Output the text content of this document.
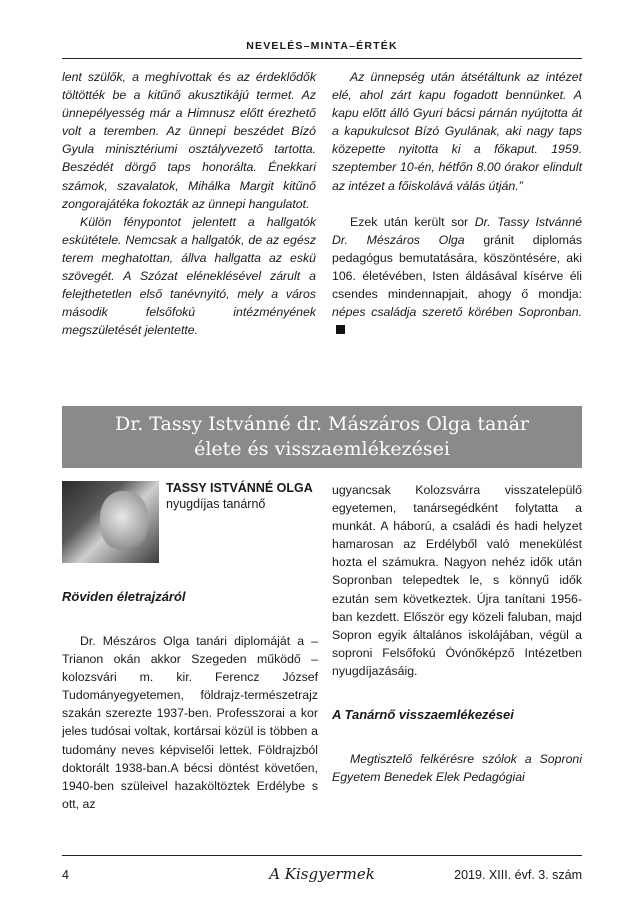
NEVELÉS–MINTA–ÉRTÉK

lent szülők, a meghívottak és az érdeklődők töltötték be a kitűnő akusztikájú termet. Az ünnepélyesség már a Himnusz előtt érezhető volt a teremben. Az ünnepi beszédet Bízó Gyula minisztériumi osztályvezető tartotta. Beszédét dörgő taps honorálta. Énekkari számok, szavalatok, Mihálka Margit kitűnő zongorajátéka fokozták az ünnepi hangulatot.

Külön fénypontot jelentett a hallgatók eskütétele. Nemcsak a hallgatók, de az egész terem meghatottan, állva hallgatta az eskü szövegét. A Szózat eléneklésével zárult a felejthetetlen első tanévnyitó, mely a város második felsőfokú intézményének megszületését jelentette.

Az ünnepség után átsétáltunk az intézet elé, ahol zárt kapu fogadott bennünket. A kapu előtt álló Gyuri bácsi párnán nyújtotta át a kapukulcsot Bízó Gyulának, aki nagy taps közepette nyitotta ki a főkaput. 1959. szeptember 10-én, hétfőn 8.00 órakor elindult az intézet a főiskolává válás útján.”

Ezek után került sor Dr. Tassy Istvánné Dr. Mészáros Olga gránit diplomás pedagógus bemutatására, köszöntésére, aki 106. életévében, Isten áldásával kísérve éli csendes mindennapjait, ahogy ő mondja: népes családja szerető körében Sopronban.

Dr. Tassy Istvánné dr. Mászáros Olga tanár
élete és visszaemlékezései
TASSY ISTVÁNNÉ OLGA
nyugdíjas tanárnő
Röviden életrajzáról

Dr. Mészáros Olga tanári diplomáját a – Trianon okán akkor Szegeden működő – kolozsvári m. kir. Ferencz József Tudományegyetemen, földrajz-természetrajz szakán szerezte 1937-ben. Professzorai a kor jeles tudósai voltak, kortársai közül is többen a tudomány neves képviselői lettek. Földrajzból doktorált 1938-ban.A bécsi döntést követően, 1940-ben szüleivel hazaköltöztek Erdélybe s ott, az

ugyancsak Kolozsvárra visszatelepülő egyetemen, tanársegédként folytatta a munkát. A háború, a családi és hadi helyzet hamarosan az Erdélyből való menekülést hozta el számukra. Nagyon nehéz idők után Sopronban telepedtek le, s könnyű idők ezután sem következtek. Újra tanítani 1956-ban kezdett. Először egy közeli faluban, majd Sopron egyik általános iskolájában, végül a soproni Felsőfokú Óvónőképző Intézetben nyugdíjazásáig.

A Tanárnő visszaemlékezései

Megtisztelő felkérésre szólok a Soproni Egyetem Benedek Elek Pedagógiai

4	A Kisgyermek	2019. XIII. évf. 3. szám
